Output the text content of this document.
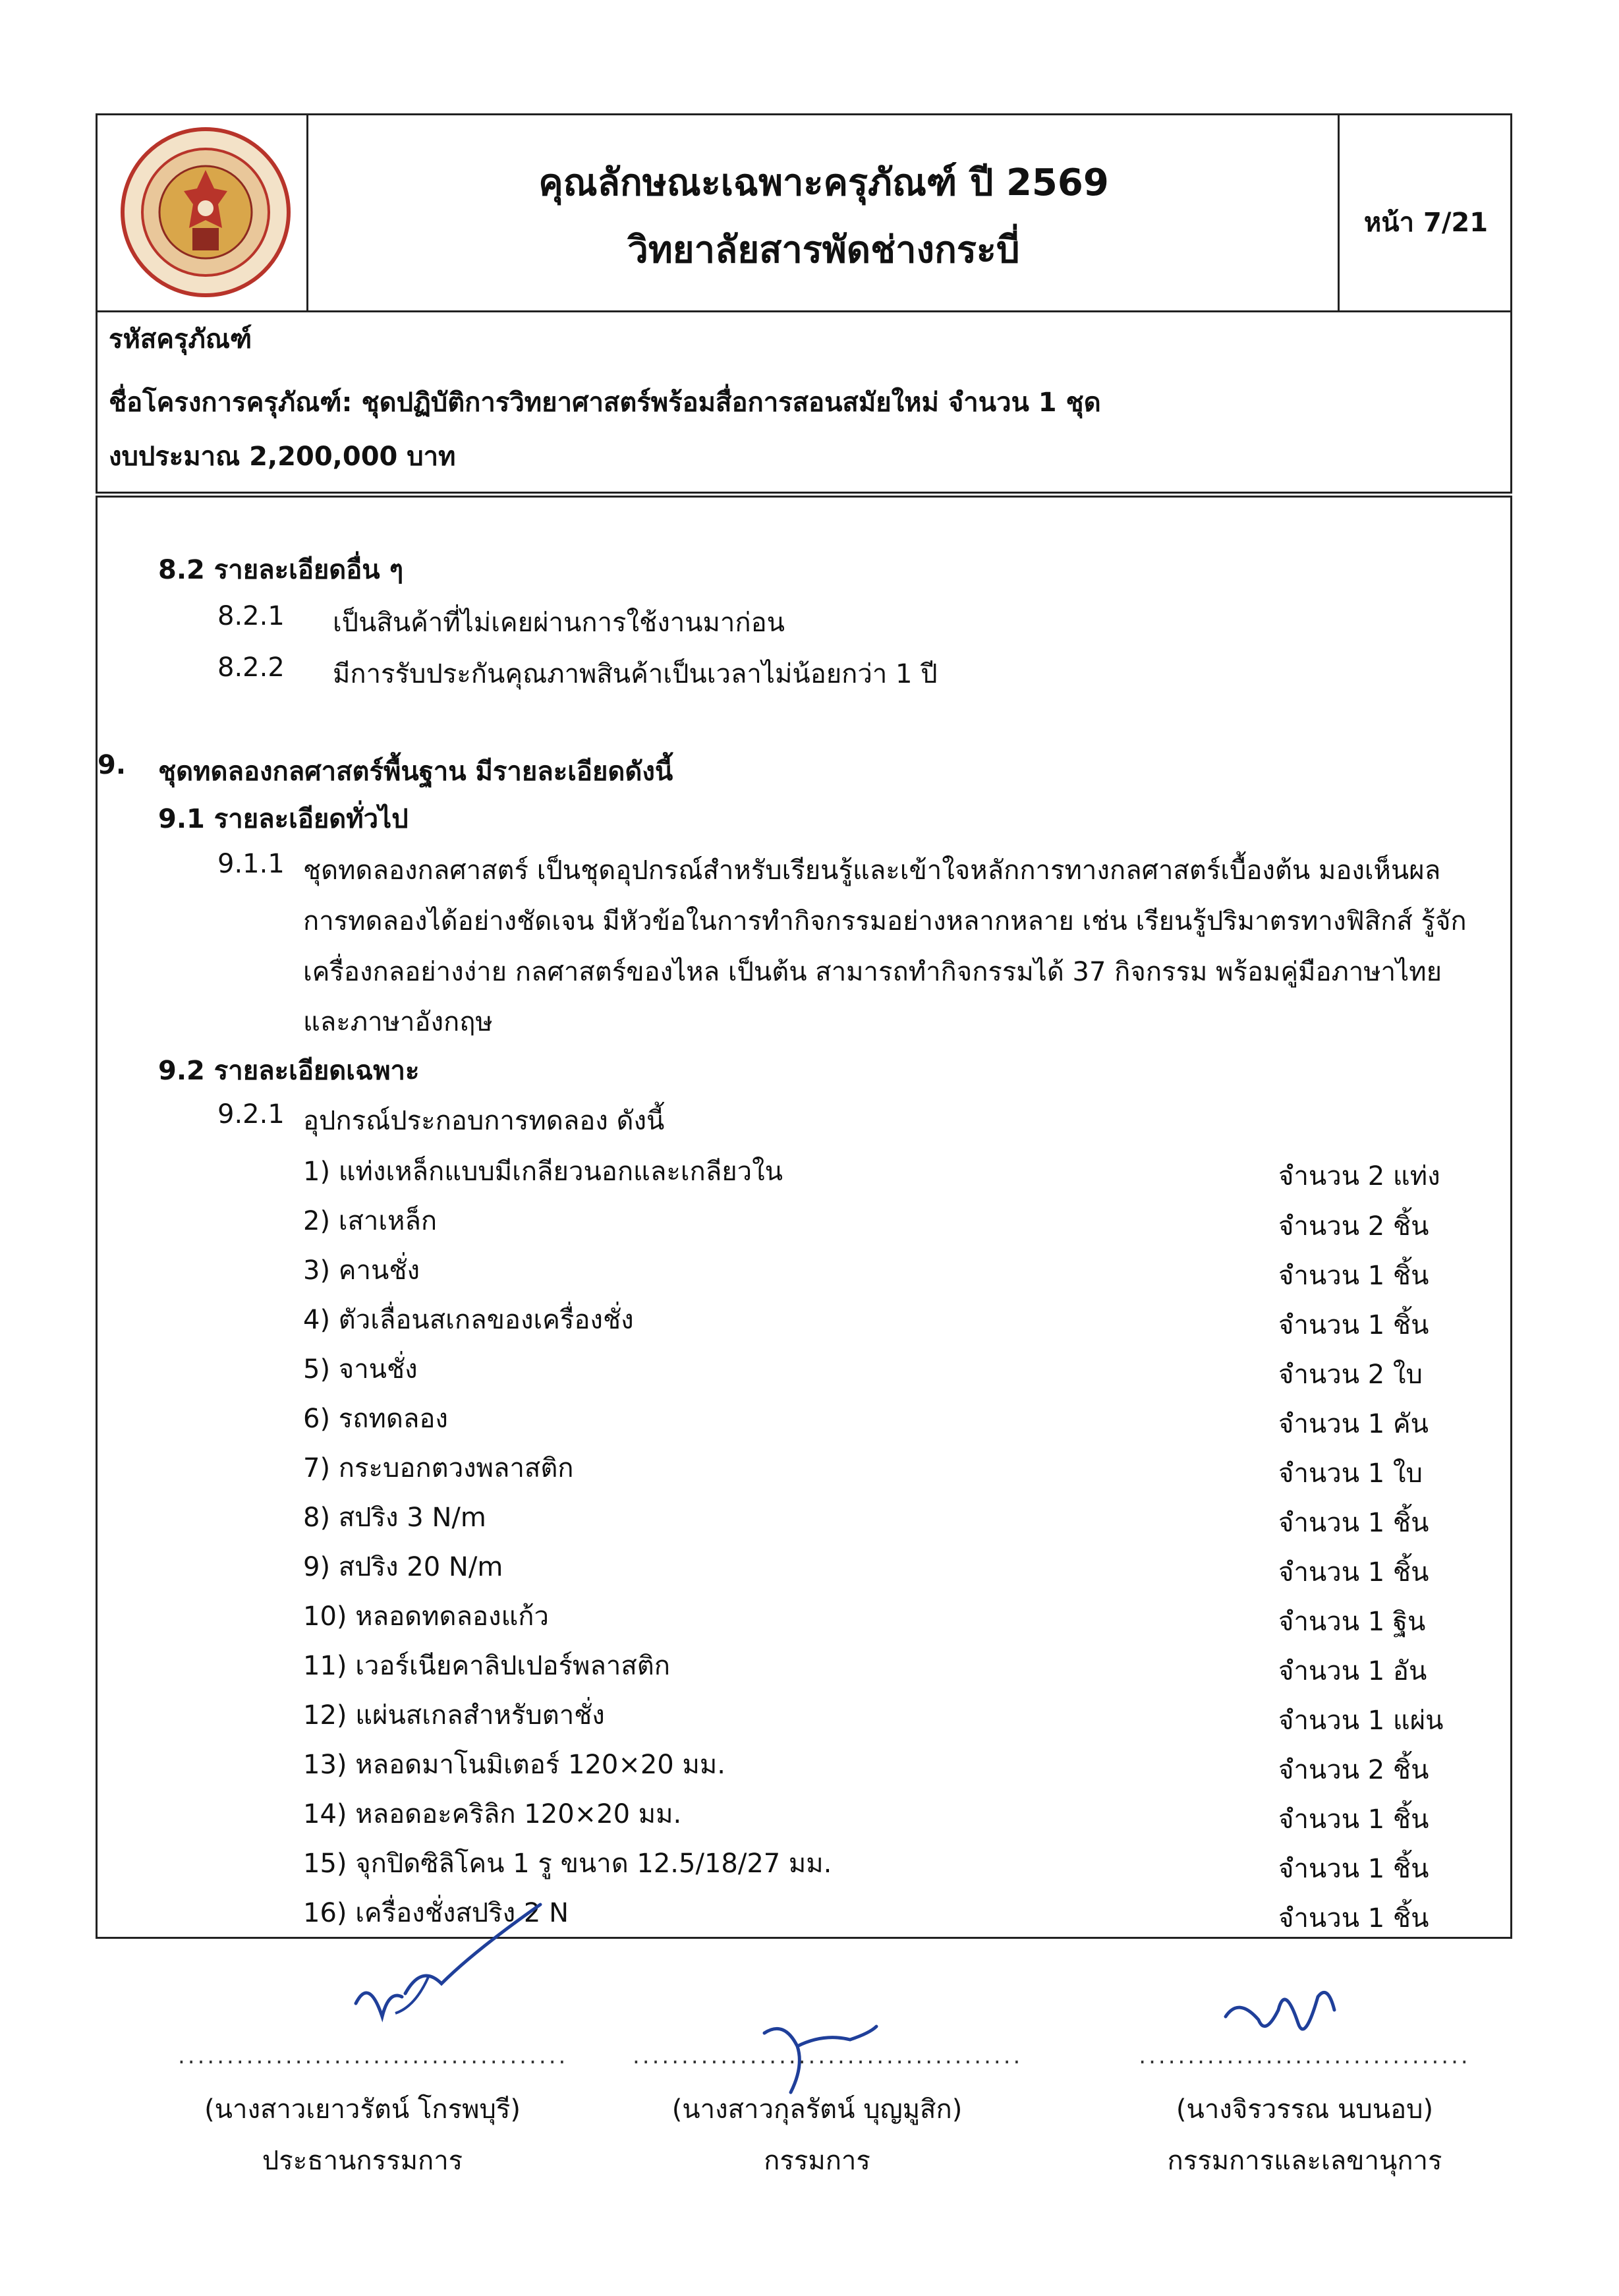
คุณลักษณะเฉพาะครุภัณฑ์ ปี 2569
วิทยาลัยสารพัดช่างกระบี่
หน้า 7/21
รหัสครุภัณฑ์
ชื่อโครงการครุภัณฑ์: ชุดปฏิบัติการวิทยาศาสตร์พร้อมสื่อการสอนสมัยใหม่ จำนวน 1 ชุด
งบประมาณ 2,200,000 บาท
8.2 รายละเอียดอื่น ๆ
8.2.1 เป็นสินค้าที่ไม่เคยผ่านการใช้งานมาก่อน
8.2.2 มีการรับประกันคุณภาพสินค้าเป็นเวลาไม่น้อยกว่า 1 ปี
9. ชุดทดลองกลศาสตร์พื้นฐาน มีรายละเอียดดังนี้
9.1 รายละเอียดทั่วไป
9.1.1 ชุดทดลองกลศาสตร์ เป็นชุดอุปกรณ์สำหรับเรียนรู้และเข้าใจหลักการทางกลศาสตร์เบื้องต้น มองเห็นผล
การทดลองได้อย่างชัดเจน มีหัวข้อในการทำกิจกรรมอย่างหลากหลาย เช่น เรียนรู้ปริมาตรทางฟิสิกส์ รู้จัก
เครื่องกลอย่างง่าย กลศาสตร์ของไหล เป็นต้น สามารถทำกิจกรรมได้ 37 กิจกรรม พร้อมคู่มือภาษาไทย
และภาษาอังกฤษ
9.2 รายละเอียดเฉพาะ
9.2.1 อุปกรณ์ประกอบการทดลอง ดังนี้
1) แท่งเหล็กแบบมีเกลียวนอกและเกลียวใน	จำนวน 2 แท่ง
2) เสาเหล็ก	จำนวน 2 ชิ้น
3) คานชั่ง	จำนวน 1 ชิ้น
4) ตัวเลื่อนสเกลของเครื่องชั่ง	จำนวน 1 ชิ้น
5) จานชั่ง	จำนวน 2 ใบ
6) รถทดลอง	จำนวน 1 คัน
7) กระบอกตวงพลาสติก	จำนวน 1 ใบ
8) สปริง 3 N/m	จำนวน 1 ชิ้น
9) สปริง 20 N/m	จำนวน 1 ชิ้น
10) หลอดทดลองแก้ว	จำนวน 1 ฐิน
11) เวอร์เนียคาลิปเปอร์พลาสติก	จำนวน 1 อัน
12) แผ่นสเกลสำหรับตาชั่ง	จำนวน 1 แผ่น
13) หลอดมาโนมิเตอร์ 120×20 มม.	จำนวน 2 ชิ้น
14) หลอดอะคริลิก 120×20 มม.	จำนวน 1 ชิ้น
15) จุกปิดซิลิโคน 1 รู ขนาด 12.5/18/27 มม.	จำนวน 1 ชิ้น
16) เครื่องชั่งสปริง 2 N	จำนวน 1 ชิ้น
........................................
(นางสาวเยาวรัตน์ โกรพบุรี)
ประธานกรรมการ
........................................
(นางสาวกุลรัตน์ บุญมูสิก)
กรรมการ
..................................
(นางจิรวรรณ นบนอบ)
กรรมการและเลขานุการ
